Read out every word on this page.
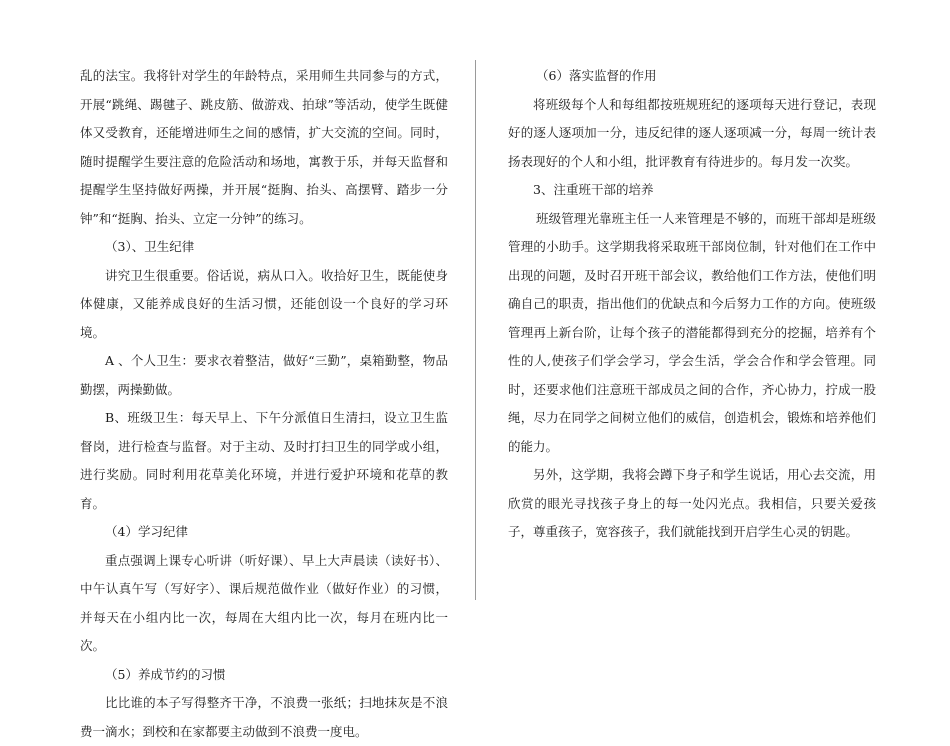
乱的法宝。我将针对学生的年龄特点，采用师生共同参与的方式，开展“跳绳、踢毽子、跳皮筋、做游戏、拍球”等活动，使学生既健体又受教育，还能增进师生之间的感情，扩大交流的空间。同时，随时提醒学生要注意的危险活动和场地，寓教于乐，并每天监督和提醒学生坚持做好两操，并开展“挺胸、抬头、高摆臂、踏步一分钟”和“挺胸、抬头、立定一分钟”的练习。

（3）、卫生纪律

讲究卫生很重要。俗话说，病从口入。收拾好卫生，既能使身体健康，又能养成良好的生活习惯，还能创设一个良好的学习环境。

A 、个人卫生：要求衣着整洁，做好“三勤”，桌箱勤整，物品勤摆，两操勤做。

B、班级卫生：每天早上、下午分派值日生清扫，设立卫生监督岗，进行检查与监督。对于主动、及时打扫卫生的同学或小组，进行奖励。同时利用花草美化环境，并进行爱护环境和花草的教育。

（4）学习纪律

重点强调上课专心听讲（听好课）、早上大声晨读（读好书）、中午认真午写（写好字）、课后规范做作业（做好作业）的习惯，并每天在小组内比一次，每周在大组内比一次，每月在班内比一次。

（5）养成节约的习惯

比比谁的本子写得整齐干净，不浪费一张纸；扫地抹灰是不浪费一滴水；到校和在家都要主动做到不浪费一度电。

（6）落实监督的作用

将班级每个人和每组都按班规班纪的逐项每天进行登记，表现好的逐人逐项加一分，违反纪律的逐人逐项减一分，每周一统计表扬表现好的个人和小组，批评教育有待进步的。每月发一次奖。

3、注重班干部的培养

班级管理光靠班主任一人来管理是不够的，而班干部却是班级管理的小助手。这学期我将采取班干部岗位制，针对他们在工作中出现的问题，及时召开班干部会议，教给他们工作方法，使他们明确自己的职责，指出他们的优缺点和今后努力工作的方向。使班级管理再上新台阶，让每个孩子的潜能都得到充分的挖掘，培养有个性的人,使孩子们学会学习，学会生活，学会合作和学会管理。同时，还要求他们注意班干部成员之间的合作，齐心协力，拧成一股绳，尽力在同学之间树立他们的威信，创造机会，锻炼和培养他们的能力。

另外，这学期，我将会蹲下身子和学生说话，用心去交流，用欣赏的眼光寻找孩子身上的每一处闪光点。我相信，只要关爱孩子，尊重孩子，宽容孩子，我们就能找到开启学生心灵的钥匙。
